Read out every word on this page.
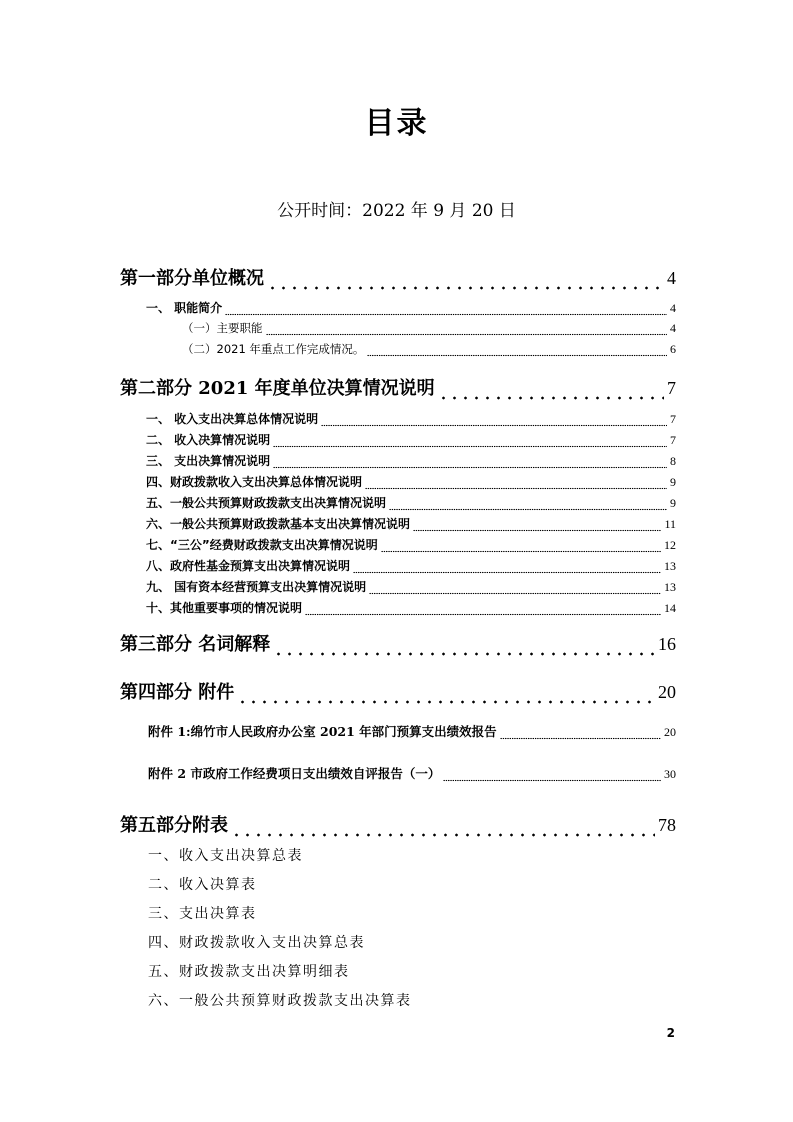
目录
公开时间：2022 年 9 月 20 日
第一部分单位概况	4
一、 职能简介	4
（一）主要职能	4
（二）2021 年重点工作完成情况。	6
第二部分 2021 年度单位决算情况说明	7
一、 收入支出决算总体情况说明	7
二、 收入决算情况说明	7
三、 支出决算情况说明	8
四、财政拨款收入支出决算总体情况说明	9
五、一般公共预算财政拨款支出决算情况说明	9
六、一般公共预算财政拨款基本支出决算情况说明	11
七、“三公”经费财政拨款支出决算情况说明	12
八、政府性基金预算支出决算情况说明	13
九、 国有资本经营预算支出决算情况说明	13
十、其他重要事项的情况说明	14
第三部分 名词解释	16
第四部分 附件	20
附件 1:绵竹市人民政府办公室 2021 年部门预算支出绩效报告	20
附件 2 市政府工作经费项日支出绩效自评报告（一）	30
第五部分附表	78
一、收入支出决算总表
二、收入决算表
三、支出决算表
四、财政拨款收入支出决算总表
五、财政拨款支出决算明细表
六、一般公共预算财政拨款支出决算表
2
